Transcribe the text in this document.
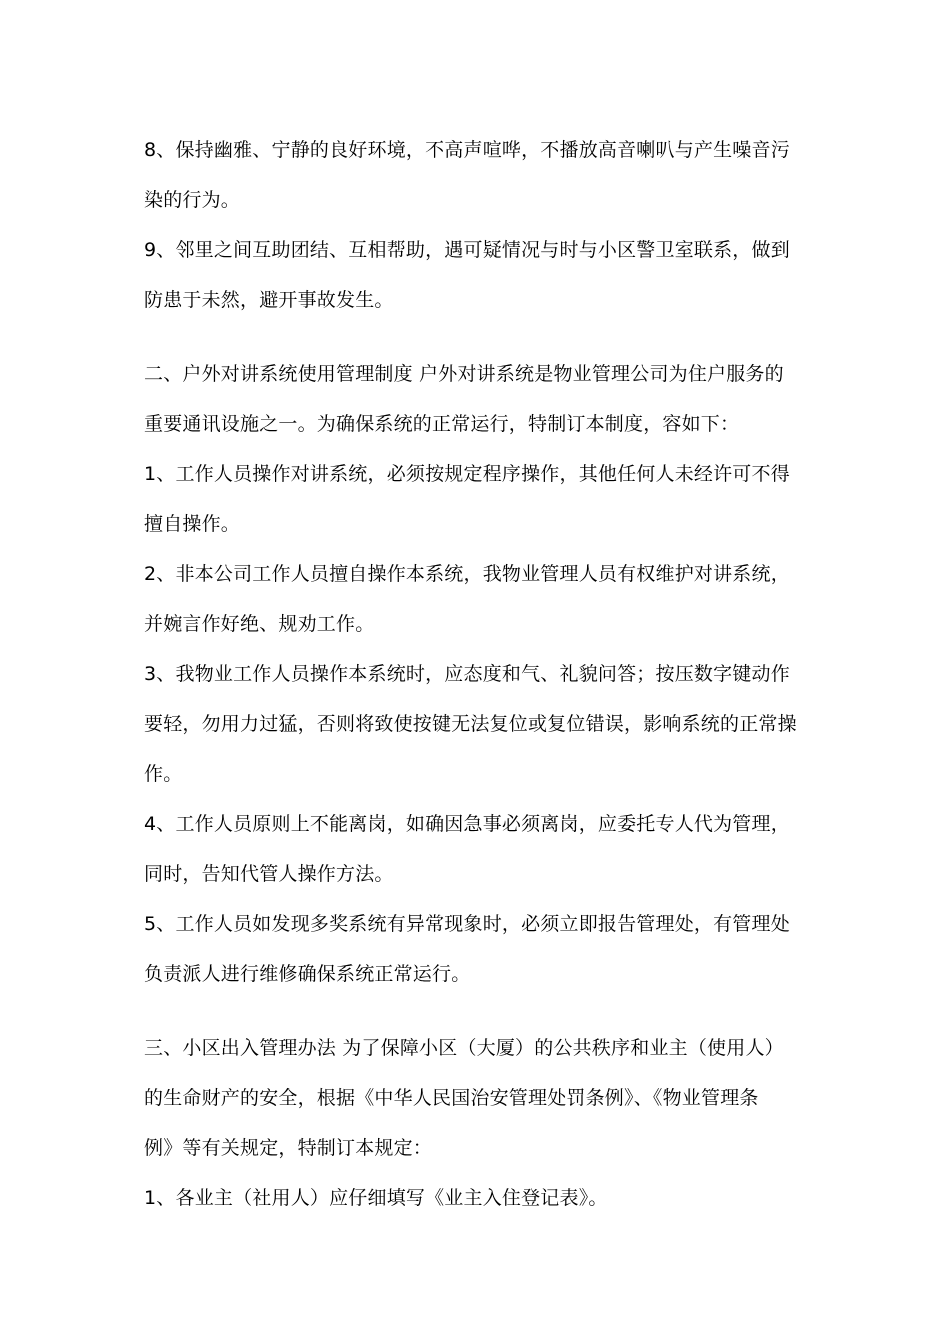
8、保持幽雅、宁静的良好环境，不高声喧哗，不播放高音喇叭与产生噪音污
染的行为。
9、邻里之间互助团结、互相帮助，遇可疑情况与时与小区警卫室联系，做到
防患于未然，避开事故发生。
二、户外对讲系统使用管理制度 户外对讲系统是物业管理公司为住户服务的
重要通讯设施之一。为确保系统的正常运行，特制订本制度，容如下：
1、工作人员操作对讲系统，必须按规定程序操作，其他任何人未经许可不得
擅自操作。
2、非本公司工作人员擅自操作本系统，我物业管理人员有权维护对讲系统，
并婉言作好绝、规劝工作。
3、我物业工作人员操作本系统时，应态度和气、礼貌问答；按压数字键动作
要轻，勿用力过猛，否则将致使按键无法复位或复位错误，影响系统的正常操
作。
4、工作人员原则上不能离岗，如确因急事必须离岗，应委托专人代为管理，
同时，告知代管人操作方法。
5、工作人员如发现多奖系统有异常现象时，必须立即报告管理处，有管理处
负责派人进行维修确保系统正常运行。
三、小区出入管理办法 为了保障小区（大厦）的公共秩序和业主（使用人）
的生命财产的安全，根据《中华人民国治安管理处罚条例》、《物业管理条
例》等有关规定，特制订本规定：
1、各业主（社用人）应仔细填写《业主入住登记表》。
